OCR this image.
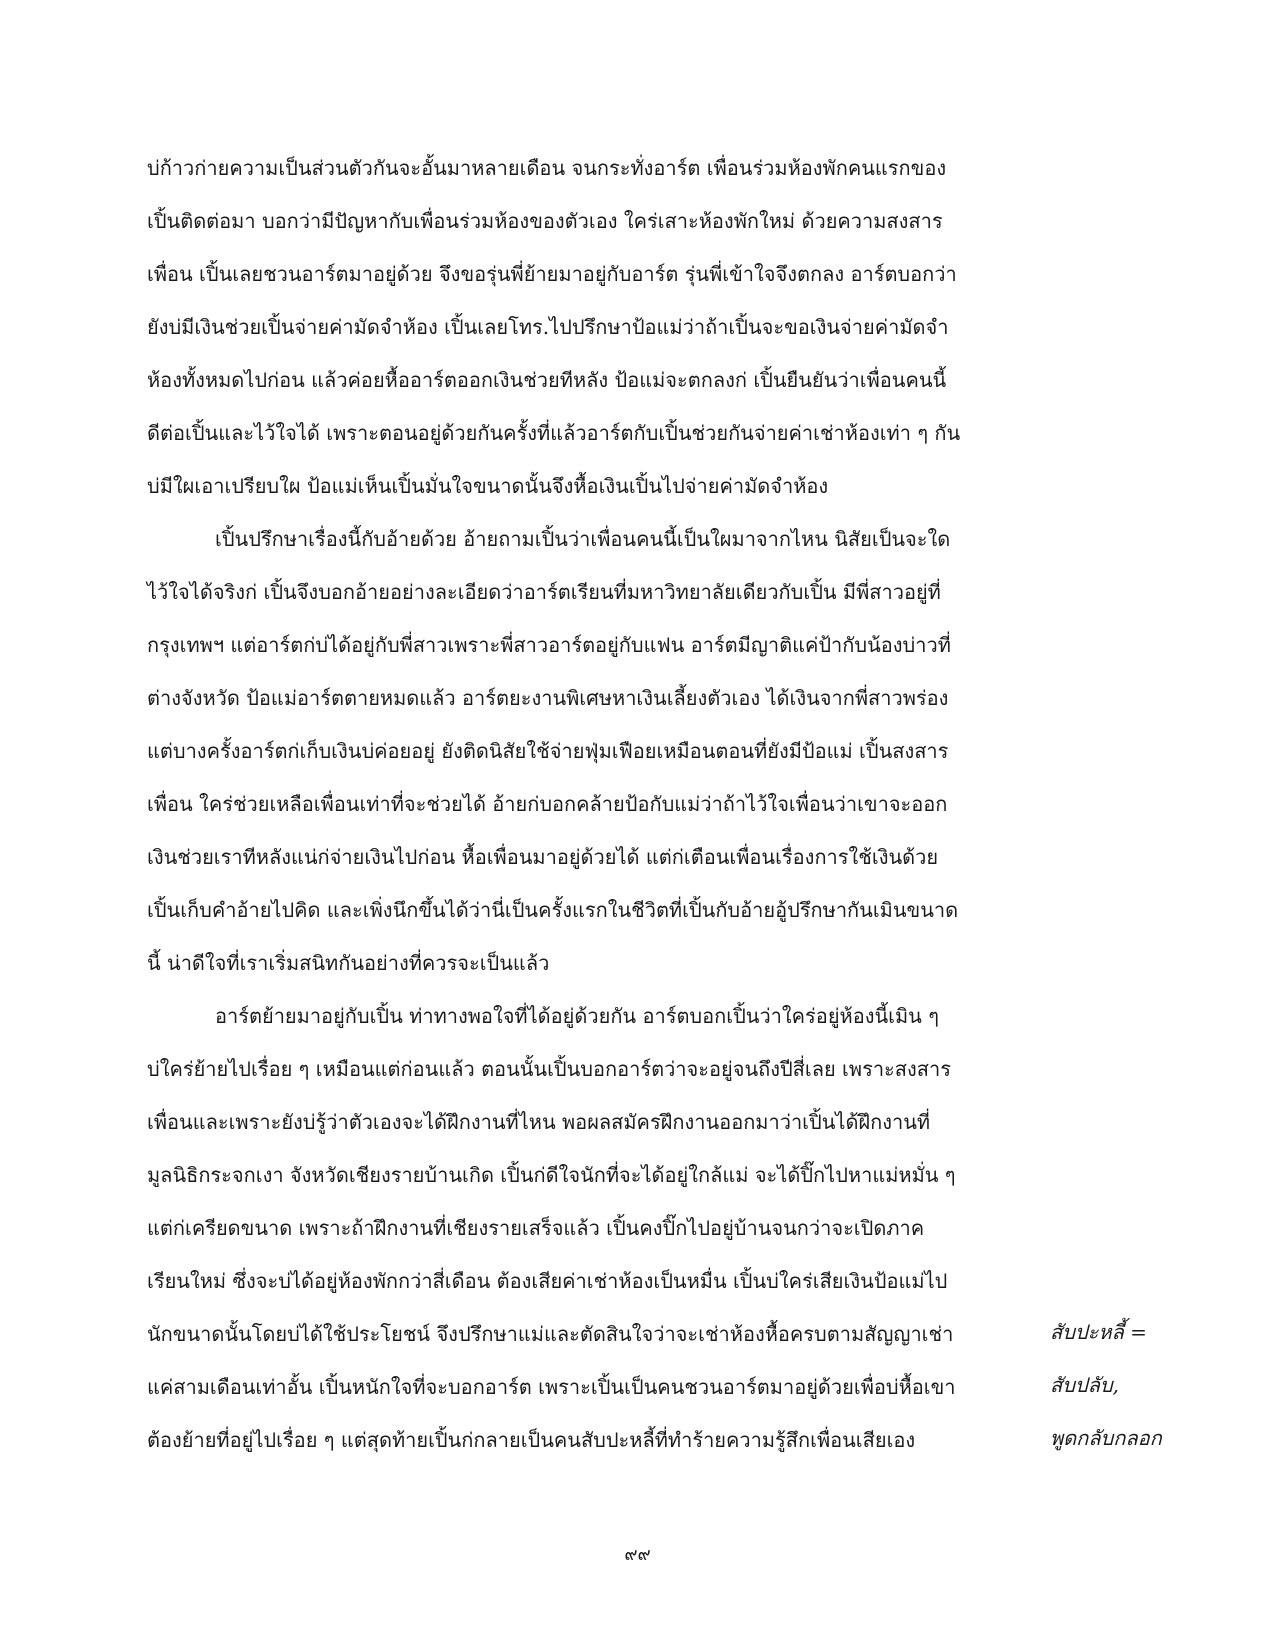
บ่ก้าวก่ายความเป็นส่วนตัวกันจะอั้นมาหลายเดือน จนกระทั่งอาร์ต เพื่อนร่วมห้องพักคนแรกของ
เปิ้นติดต่อมา บอกว่ามีปัญหากับเพื่อนร่วมห้องของตัวเอง ใคร่เสาะห้องพักใหม่ ด้วยความสงสาร
เพื่อน เปิ้นเลยชวนอาร์ตมาอยู่ด้วย จึงขอรุ่นพี่ย้ายมาอยู่กับอาร์ต รุ่นพี่เข้าใจจึงตกลง อาร์ตบอกว่า
ยังบ่มีเงินช่วยเปิ้นจ่ายค่ามัดจำห้อง เปิ้นเลยโทร.ไปปรึกษาป้อแม่ว่าถ้าเปิ้นจะขอเงินจ่ายค่ามัดจำ
ห้องทั้งหมดไปก่อน แล้วค่อยหื้ออาร์ตออกเงินช่วยทีหลัง ป้อแม่จะตกลงก่ เปิ้นยืนยันว่าเพื่อนคนนี้
ดีต่อเปิ้นและไว้ใจได้ เพราะตอนอยู่ด้วยกันครั้งที่แล้วอาร์ตกับเปิ้นช่วยกันจ่ายค่าเช่าห้องเท่า ๆ กัน
บ่มีใผเอาเปรียบใผ ป้อแม่เห็นเปิ้นมั่นใจขนาดนั้นจึงหื้อเงินเปิ้นไปจ่ายค่ามัดจำห้อง
เปิ้นปรึกษาเรื่องนี้กับอ้ายด้วย อ้ายถามเปิ้นว่าเพื่อนคนนี้เป็นใผมาจากไหน นิสัยเป็นจะใด
ไว้ใจได้จริงก่ เปิ้นจึงบอกอ้ายอย่างละเอียดว่าอาร์ตเรียนที่มหาวิทยาลัยเดียวกับเปิ้น มีพี่สาวอยู่ที่
กรุงเทพฯ แต่อาร์ตก่บ่ได้อยู่กับพี่สาวเพราะพี่สาวอาร์ตอยู่กับแฟน อาร์ตมีญาติแค่ป้ากับน้องบ่าวที่
ต่างจังหวัด ป้อแม่อาร์ตตายหมดแล้ว อาร์ตยะงานพิเศษหาเงินเลี้ยงตัวเอง ได้เงินจากพี่สาวพร่อง
แต่บางครั้งอาร์ตก่เก็บเงินบ่ค่อยอยู่ ยังติดนิสัยใช้จ่ายฟุ่มเฟือยเหมือนตอนที่ยังมีป้อแม่ เปิ้นสงสาร
เพื่อน ใคร่ช่วยเหลือเพื่อนเท่าที่จะช่วยได้ อ้ายก่บอกคล้ายป้อกับแม่ว่าถ้าไว้ใจเพื่อนว่าเขาจะออก
เงินช่วยเราทีหลังแน่ก่จ่ายเงินไปก่อน หื้อเพื่อนมาอยู่ด้วยได้ แต่ก่เตือนเพื่อนเรื่องการใช้เงินด้วย
เปิ้นเก็บคำอ้ายไปคิด และเพิ่งนึกขึ้นได้ว่านี่เป็นครั้งแรกในชีวิตที่เปิ้นกับอ้ายอู้ปรึกษากันเมินขนาด
นี้ น่าดีใจที่เราเริ่มสนิทกันอย่างที่ควรจะเป็นแล้ว
อาร์ตย้ายมาอยู่กับเปิ้น ท่าทางพอใจที่ได้อยู่ด้วยกัน อาร์ตบอกเปิ้นว่าใคร่อยู่ห้องนี้เมิน ๆ
บ่ใคร่ย้ายไปเรื่อย ๆ เหมือนแต่ก่อนแล้ว ตอนนั้นเปิ้นบอกอาร์ตว่าจะอยู่จนถึงปีสี่เลย เพราะสงสาร
เพื่อนและเพราะยังบ่รู้ว่าตัวเองจะได้ฝึกงานที่ไหน พอผลสมัครฝึกงานออกมาว่าเปิ้นได้ฝึกงานที่
มูลนิธิกระจกเงา จังหวัดเชียงรายบ้านเกิด เปิ้นก่ดีใจนักที่จะได้อยู่ใกล้แม่ จะได้ปิ๊กไปหาแม่หมั่น ๆ
แต่ก่เครียดขนาด เพราะถ้าฝึกงานที่เชียงรายเสร็จแล้ว เปิ้นคงปิ๊กไปอยู่บ้านจนกว่าจะเปิดภาค
เรียนใหม่ ซึ่งจะบ่ได้อยู่ห้องพักกว่าสี่เดือน ต้องเสียค่าเช่าห้องเป็นหมื่น เปิ้นบ่ใคร่เสียเงินป้อแม่ไป
นักขนาดนั้นโดยบ่ได้ใช้ประโยชน์ จึงปรึกษาแม่และตัดสินใจว่าจะเช่าห้องหื้อครบตามสัญญาเช่า
แค่สามเดือนเท่าอั้น เปิ้นหนักใจที่จะบอกอาร์ต เพราะเปิ้นเป็นคนชวนอาร์ตมาอยู่ด้วยเพื่อบ่หื้อเขา
ต้องย้ายที่อยู่ไปเรื่อย ๆ แต่สุดท้ายเปิ้นก่กลายเป็นคนสับปะหลี้ที่ทำร้ายความรู้สึกเพื่อนเสียเอง
สับปะหลี้ =
สับปลับ,
พูดกลับกลอก
๙๙
